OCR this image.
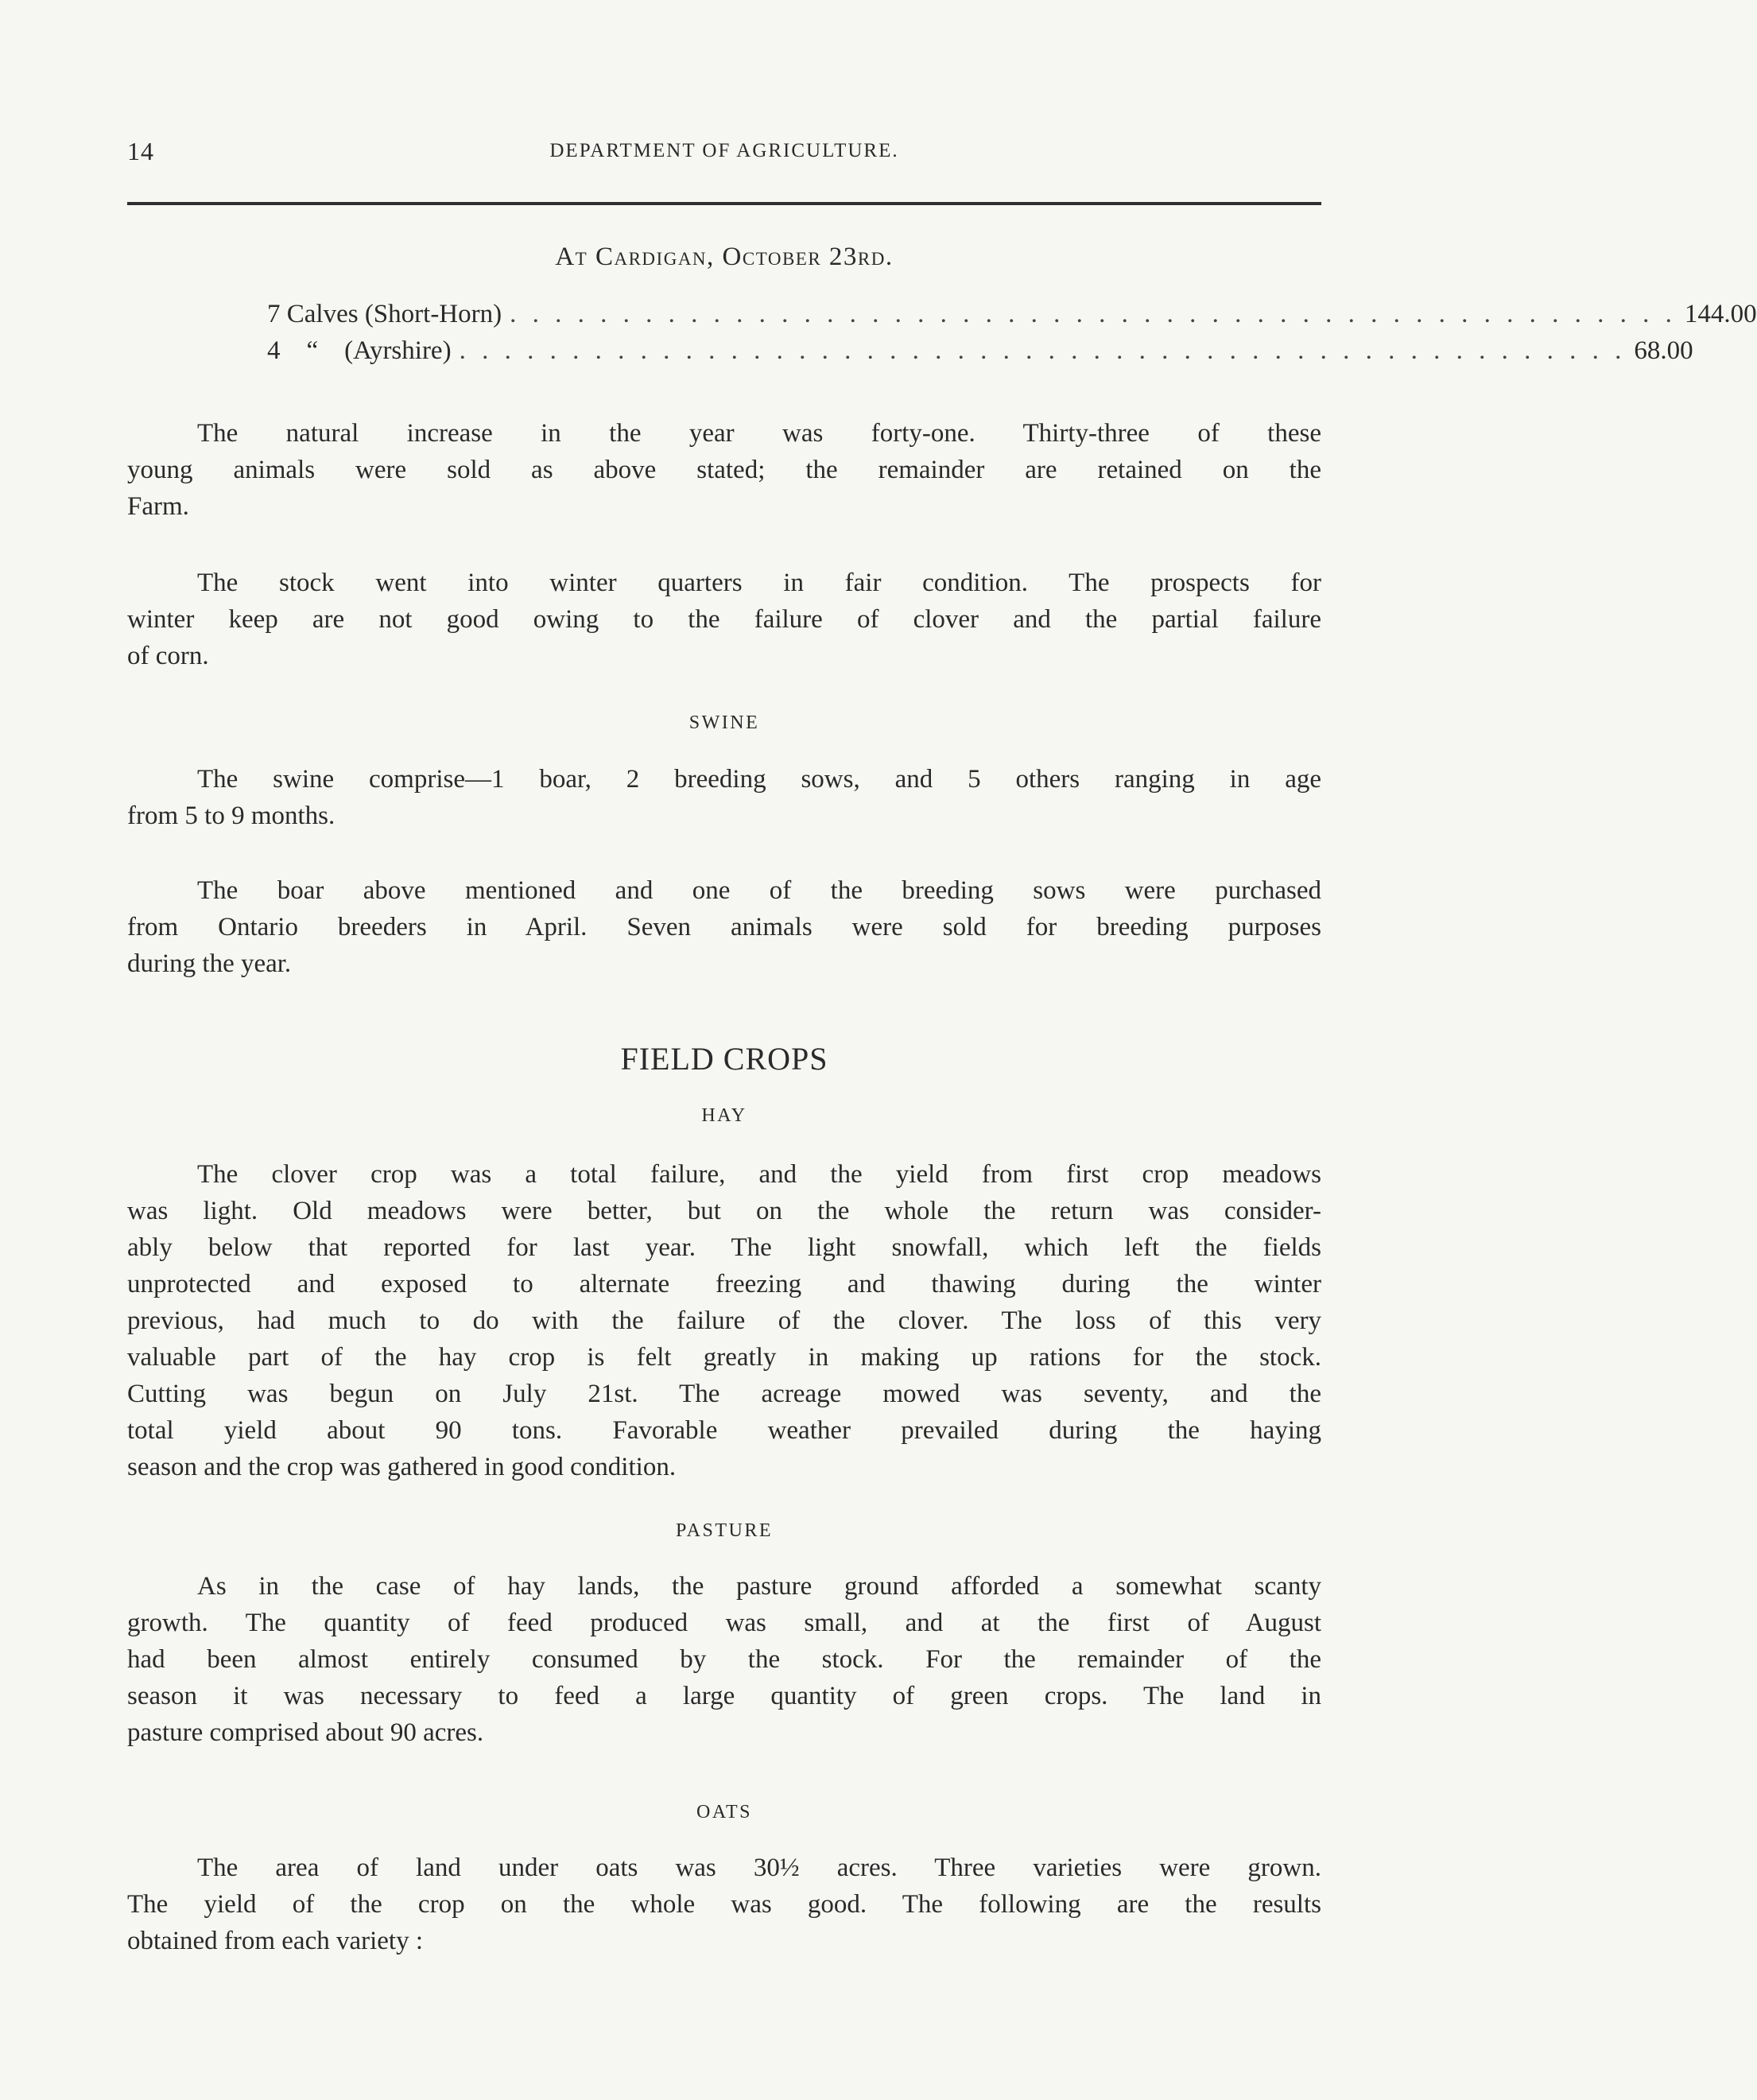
14	DEPARTMENT OF AGRICULTURE.
At Cardigan, October 23rd.
7 Calves (Short-Horn) . . . . . . . . . . . . . . . . . . . . . . . . . . . . . . . . . . . . . . . . . . . . . . . . . . . . 144.00
4    “    (Ayrshire) . . . . . . . . . . . . . . . . . . . . . . . . . . . . . . . . . . . . . . . . . . . . . . . . . . . . 68.00
The natural increase in the year was forty-one. Thirty-three of these
young animals were sold as above stated; the remainder are retained on the
Farm.
The stock went into winter quarters in fair condition. The prospects for
winter keep are not good owing to the failure of clover and the partial failure
of corn.
SWINE
The swine comprise—1 boar, 2 breeding sows, and 5 others ranging in age
from 5 to 9 months.
The boar above mentioned and one of the breeding sows were purchased
from Ontario breeders in April. Seven animals were sold for breeding purposes
during the year.
FIELD CROPS
HAY
The clover crop was a total failure, and the yield from first crop meadows
was light. Old meadows were better, but on the whole the return was consider-
ably below that reported for last year. The light snowfall, which left the fields
unprotected and exposed to alternate freezing and thawing during the winter
previous, had much to do with the failure of the clover. The loss of this very
valuable part of the hay crop is felt greatly in making up rations for the stock.
Cutting was begun on July 21st. The acreage mowed was seventy, and the
total yield about 90 tons. Favorable weather prevailed during the haying
season and the crop was gathered in good condition.
PASTURE
As in the case of hay lands, the pasture ground afforded a somewhat scanty
growth. The quantity of feed produced was small, and at the first of August
had been almost entirely consumed by the stock. For the remainder of the
season it was necessary to feed a large quantity of green crops. The land in
pasture comprised about 90 acres.
OATS
The area of land under oats was 30½ acres. Three varieties were grown.
The yield of the crop on the whole was good. The following are the results
obtained from each variety :
